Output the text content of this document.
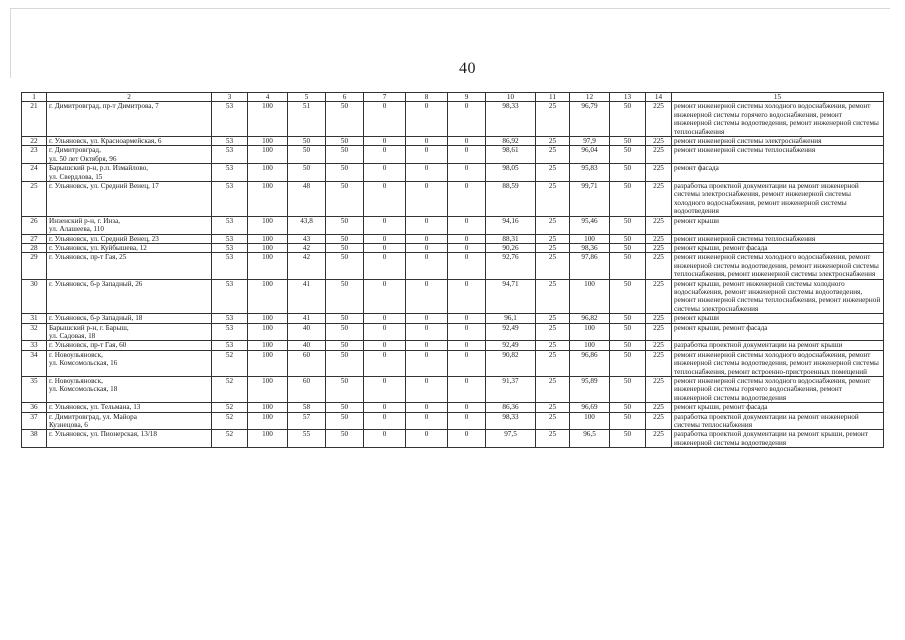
40
1	2	3	4	5	6	7	8	9	10	11	12	13	14	15
21	г. Димитровград, пр-т Димитрова, 7	53	100	51	50	0	0	0	98,33	25	96,79	50	225	ремонт инженерной системы холодного водоснабжения, ремонт инженерной системы горячего водоснабжения, ремонт инженерной системы водоотведения, ремонт инженерной системы теплоснабжения
22	г. Ульяновск, ул. Красноармейская, 6	53	100	50	50	0	0	0	86,92	25	97,9	50	225	ремонт инженерной системы электроснабжения
23	г. Димитровград,
ул. 50 лет Октября, 96	53	100	50	50	0	0	0	98,61	25	96,04	50	225	ремонт инженерной системы теплоснабжения
24	Барышский р-н, р.п. Измайлово,
ул. Свердлова, 15	53	100	50	50	0	0	0	98,05	25	95,83	50	225	ремонт фасада
25	г. Ульяновск, ул. Средний Венец, 17	53	100	48	50	0	0	0	88,59	25	99,71	50	225	разработка проектной документации на ремонт инженерной системы электроснабжения, ремонт инженерной системы холодного водоснабжения, ремонт инженерной системы водоотведения
26	Инзенский р-н, г. Инза,
ул. Алашеева, 110	53	100	43,8	50	0	0	0	94,16	25	95,46	50	225	ремонт крыши
27	г. Ульяновск, ул. Средний Венец, 23	53	100	43	50	0	0	0	88,31	25	100	50	225	ремонт инженерной системы теплоснабжения
28	г. Ульяновск, ул. Куйбышева, 12	53	100	42	50	0	0	0	90,26	25	98,36	50	225	ремонт крыши, ремонт фасада
29	г. Ульяновск, пр-т Гая, 25	53	100	42	50	0	0	0	92,76	25	97,86	50	225	ремонт инженерной системы холодного водоснабжения, ремонт инженерной системы водоотведения, ремонт инженерной системы теплоснабжения, ремонт инженерной системы электроснабжения
30	г. Ульяновск, б-р Западный, 26	53	100	41	50	0	0	0	94,71	25	100	50	225	ремонт крыши, ремонт инженерной системы холодного водоснабжения, ремонт инженерной системы водоотведения, ремонт инженерной системы теплоснабжения, ремонт инженерной системы электроснабжения
31	г. Ульяновск, б-р Западный, 18	53	100	41	50	0	0	0	96,1	25	96,82	50	225	ремонт крыши
32	Барышский р-н, г. Барыш,
ул. Садовая, 18	53	100	40	50	0	0	0	92,49	25	100	50	225	ремонт крыши, ремонт фасада
33	г. Ульяновск, пр-т Гая, 60	53	100	40	50	0	0	0	92,49	25	100	50	225	разработка проектной документации на ремонт крыши
34	г. Новоульяновск,
ул. Комсомольская, 16	52	100	60	50	0	0	0	90,82	25	96,86	50	225	ремонт инженерной системы холодного водоснабжения, ремонт инженерной системы водоотведения, ремонт инженерной системы теплоснабжения, ремонт встроенно-пристроенных помещений
35	г. Новоульяновск,
ул. Комсомольская, 18	52	100	60	50	0	0	0	91,37	25	95,89	50	225	ремонт инженерной системы холодного водоснабжения, ремонт инженерной системы горячего водоснабжения, ремонт инженерной системы водоотведения
36	г. Ульяновск, ул. Тельмана, 13	52	100	58	50	0	0	0	86,36	25	96,69	50	225	ремонт крыши, ремонт фасада
37	г. Димитровград, ул. Майора
Кузнецова, 6	52	100	57	50	0	0	0	98,33	25	100	50	225	разработка проектной документации на ремонт инженерной системы теплоснабжения
38	г. Ульяновск, ул. Пионерская, 13/18	52	100	55	50	0	0	0	97,5	25	96,5	50	225	разработка проектной документации на ремонт крыши, ремонт инженерной системы водоотведения
